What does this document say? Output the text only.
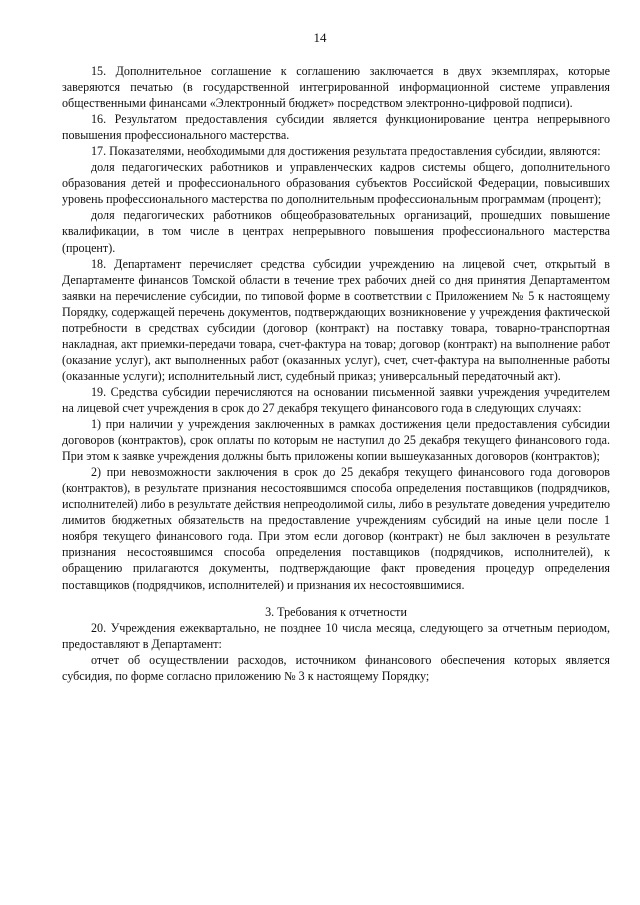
14

15. Дополнительное соглашение к соглашению заключается в двух экземплярах, которые заверяются печатью (в государственной интегрированной информационной системе управления общественными финансами «Электронный бюджет» посредством электронно-цифровой подписи).

16. Результатом предоставления субсидии является функционирование центра непрерывного повышения профессионального мастерства.

17. Показателями, необходимыми для достижения результата предоставления субсидии, являются:

доля педагогических работников и управленческих кадров системы общего, дополнительного образования детей и профессионального образования субъектов Российской Федерации, повысивших уровень профессионального мастерства по дополнительным профессиональным программам (процент);

доля педагогических работников общеобразовательных организаций, прошедших повышение квалификации, в том числе в центрах непрерывного повышения профессионального мастерства (процент).

18. Департамент перечисляет средства субсидии учреждению на лицевой счет, открытый в Департаменте финансов Томской области в течение трех рабочих дней со дня принятия Департаментом заявки на перечисление субсидии, по типовой форме в соответствии с Приложением № 5 к настоящему Порядку, содержащей перечень документов, подтверждающих возникновение у учреждения фактической потребности в средствах субсидии (договор (контракт) на поставку товара, товарно-транспортная накладная, акт приемки-передачи товара, счет-фактура на товар; договор (контракт) на выполнение работ (оказание услуг), акт выполненных работ (оказанных услуг), счет, счет-фактура на выполненные работы (оказанные услуги); исполнительный лист, судебный приказ; универсальный передаточный акт).

19. Средства субсидии перечисляются на основании письменной заявки учреждения учредителем на лицевой счет учреждения в срок до 27 декабря текущего финансового года в следующих случаях:

1) при наличии у учреждения заключенных в рамках достижения цели предоставления субсидии договоров (контрактов), срок оплаты по которым не наступил до 25 декабря текущего финансового года. При этом к заявке учреждения должны быть приложены копии вышеуказанных договоров (контрактов);

2) при невозможности заключения в срок до 25 декабря текущего финансового года договоров (контрактов), в результате признания несостоявшимся способа определения поставщиков (подрядчиков, исполнителей) либо в результате действия непреодолимой силы, либо в результате доведения учредителю лимитов бюджетных обязательств на предоставление учреждениям субсидий на иные цели после 1 ноября текущего финансового года. При этом если договор (контракт) не был заключен в результате признания несостоявшимся способа определения поставщиков (подрядчиков, исполнителей), к обращению прилагаются документы, подтверждающие факт проведения процедур определения поставщиков (подрядчиков, исполнителей) и признания их несостоявшимися.

3. Требования к отчетности

20. Учреждения ежеквартально, не позднее 10 числа месяца, следующего за отчетным периодом, предоставляют в Департамент:

отчет об осуществлении расходов, источником финансового обеспечения которых является субсидия, по форме согласно приложению № 3 к настоящему Порядку;
